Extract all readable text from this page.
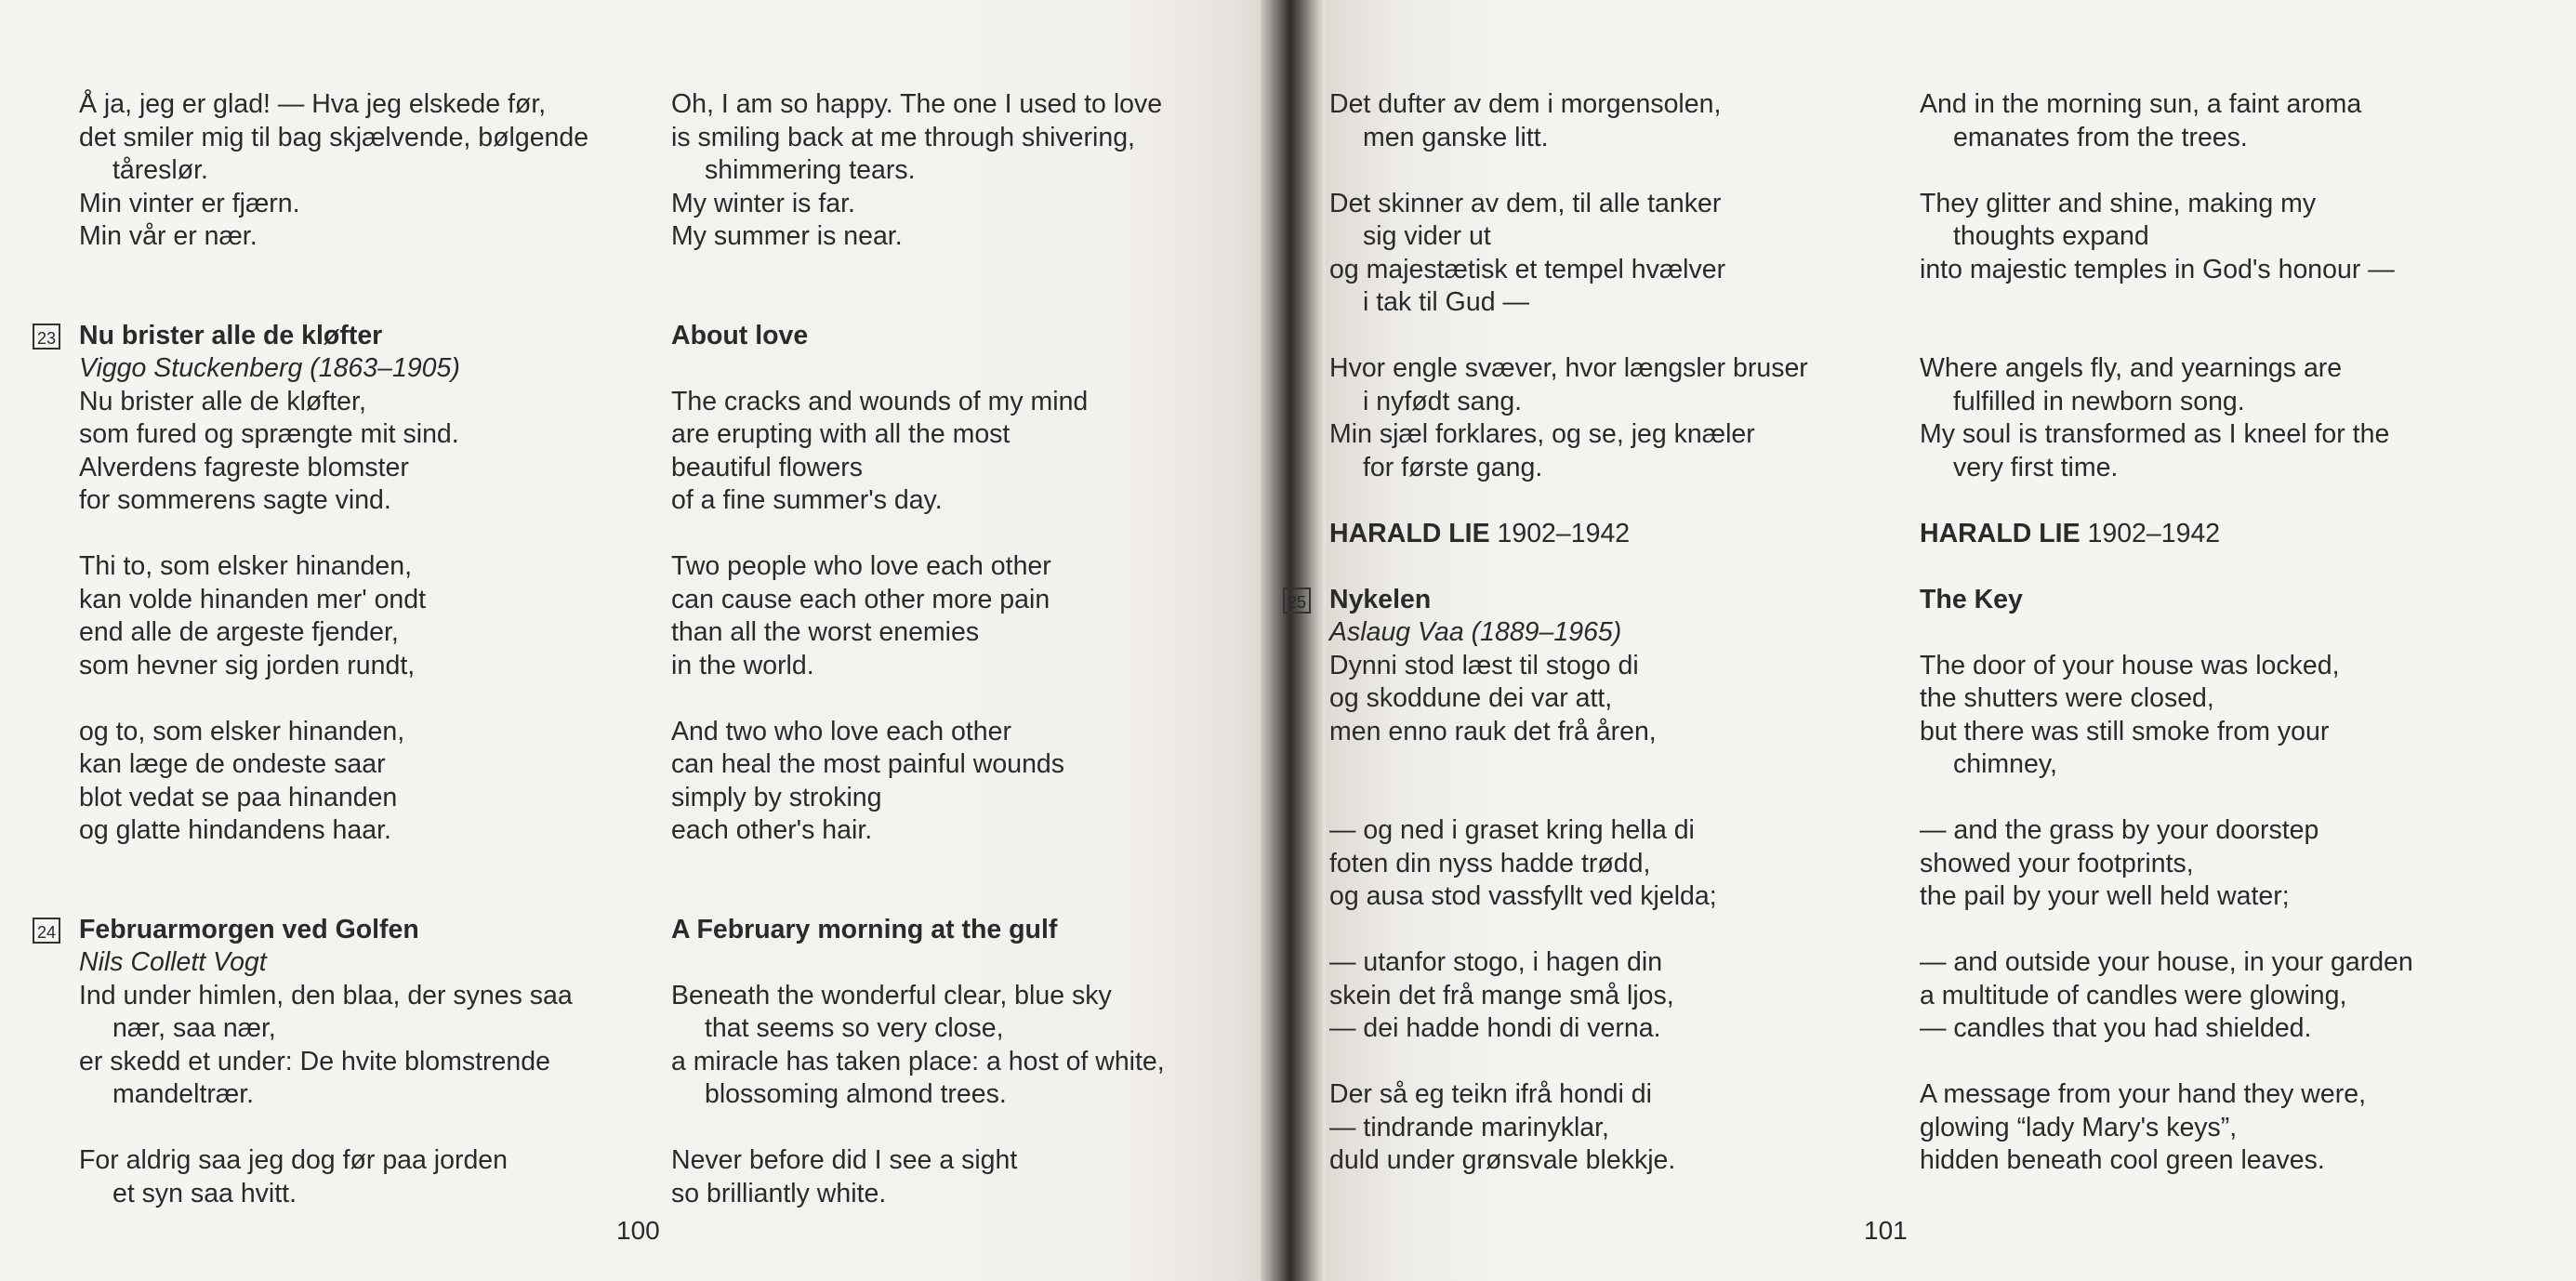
Å ja, jeg er glad! — Hva jeg elskede før,
det smiler mig til bag skjælvende, bølgende
tåreslør.
Min vinter er fjærn.
Min vår er nær.
23 Nu brister alle de kløfter
Viggo Stuckenberg (1863–1905)
Nu brister alle de kløfter,
som fured og sprængte mit sind.
Alverdens fagreste blomster
for sommerens sagte vind.
Thi to, som elsker hinanden,
kan volde hinanden mer' ondt
end alle de argeste fjender,
som hevner sig jorden rundt,
og to, som elsker hinanden,
kan læge de ondeste saar
blot vedat se paa hinanden
og glatte hindandens haar.
24 Februarmorgen ved Golfen
Nils Collett Vogt
Ind under himlen, den blaa, der synes saa
nær, saa nær,
er skedd et under: De hvite blomstrende
mandeltrær.
For aldrig saa jeg dog før paa jorden
et syn saa hvitt.
Oh, I am so happy. The one I used to love
is smiling back at me through shivering,
shimmering tears.
My winter is far.
My summer is near.
About love
The cracks and wounds of my mind
are erupting with all the most
beautiful flowers
of a fine summer's day.
Two people who love each other
can cause each other more pain
than all the worst enemies
in the world.
And two who love each other
can heal the most painful wounds
simply by stroking
each other's hair.
A February morning at the gulf
Beneath the wonderful clear, blue sky
that seems so very close,
a miracle has taken place: a host of white,
blossoming almond trees.
Never before did I see a sight
so brilliantly white.
Det dufter av dem i morgensolen,
men ganske litt.
Det skinner av dem, til alle tanker
sig vider ut
og majestætisk et tempel hvælver
i tak til Gud —
Hvor engle svæver, hvor længsler bruser
i nyfødt sang.
Min sjæl forklares, og se, jeg knæler
for første gang.
HARALD LIE 1902–1942
25 Nykelen
Aslaug Vaa (1889–1965)
Dynni stod læst til stogo di
og skoddune dei var att,
men enno rauk det frå åren,
— og ned i graset kring hella di
foten din nyss hadde trødd,
og ausa stod vassfyllt ved kjelda;
— utanfor stogo, i hagen din
skein det frå mange små ljos,
— dei hadde hondi di verna.
Der så eg teikn ifrå hondi di
— tindrande marinyklar,
duld under grønsvale blekkje.
And in the morning sun, a faint aroma
emanates from the trees.
They glitter and shine, making my
thoughts expand
into majestic temples in God's honour —
Where angels fly, and yearnings are
fulfilled in newborn song.
My soul is transformed as I kneel for the
very first time.
HARALD LIE 1902–1942
The Key
The door of your house was locked,
the shutters were closed,
but there was still smoke from your
chimney,
— and the grass by your doorstep
showed your footprints,
the pail by your well held water;
— and outside your house, in your garden
a multitude of candles were glowing,
— candles that you had shielded.
A message from your hand they were,
glowing “lady Mary's keys”,
hidden beneath cool green leaves.
100	101
